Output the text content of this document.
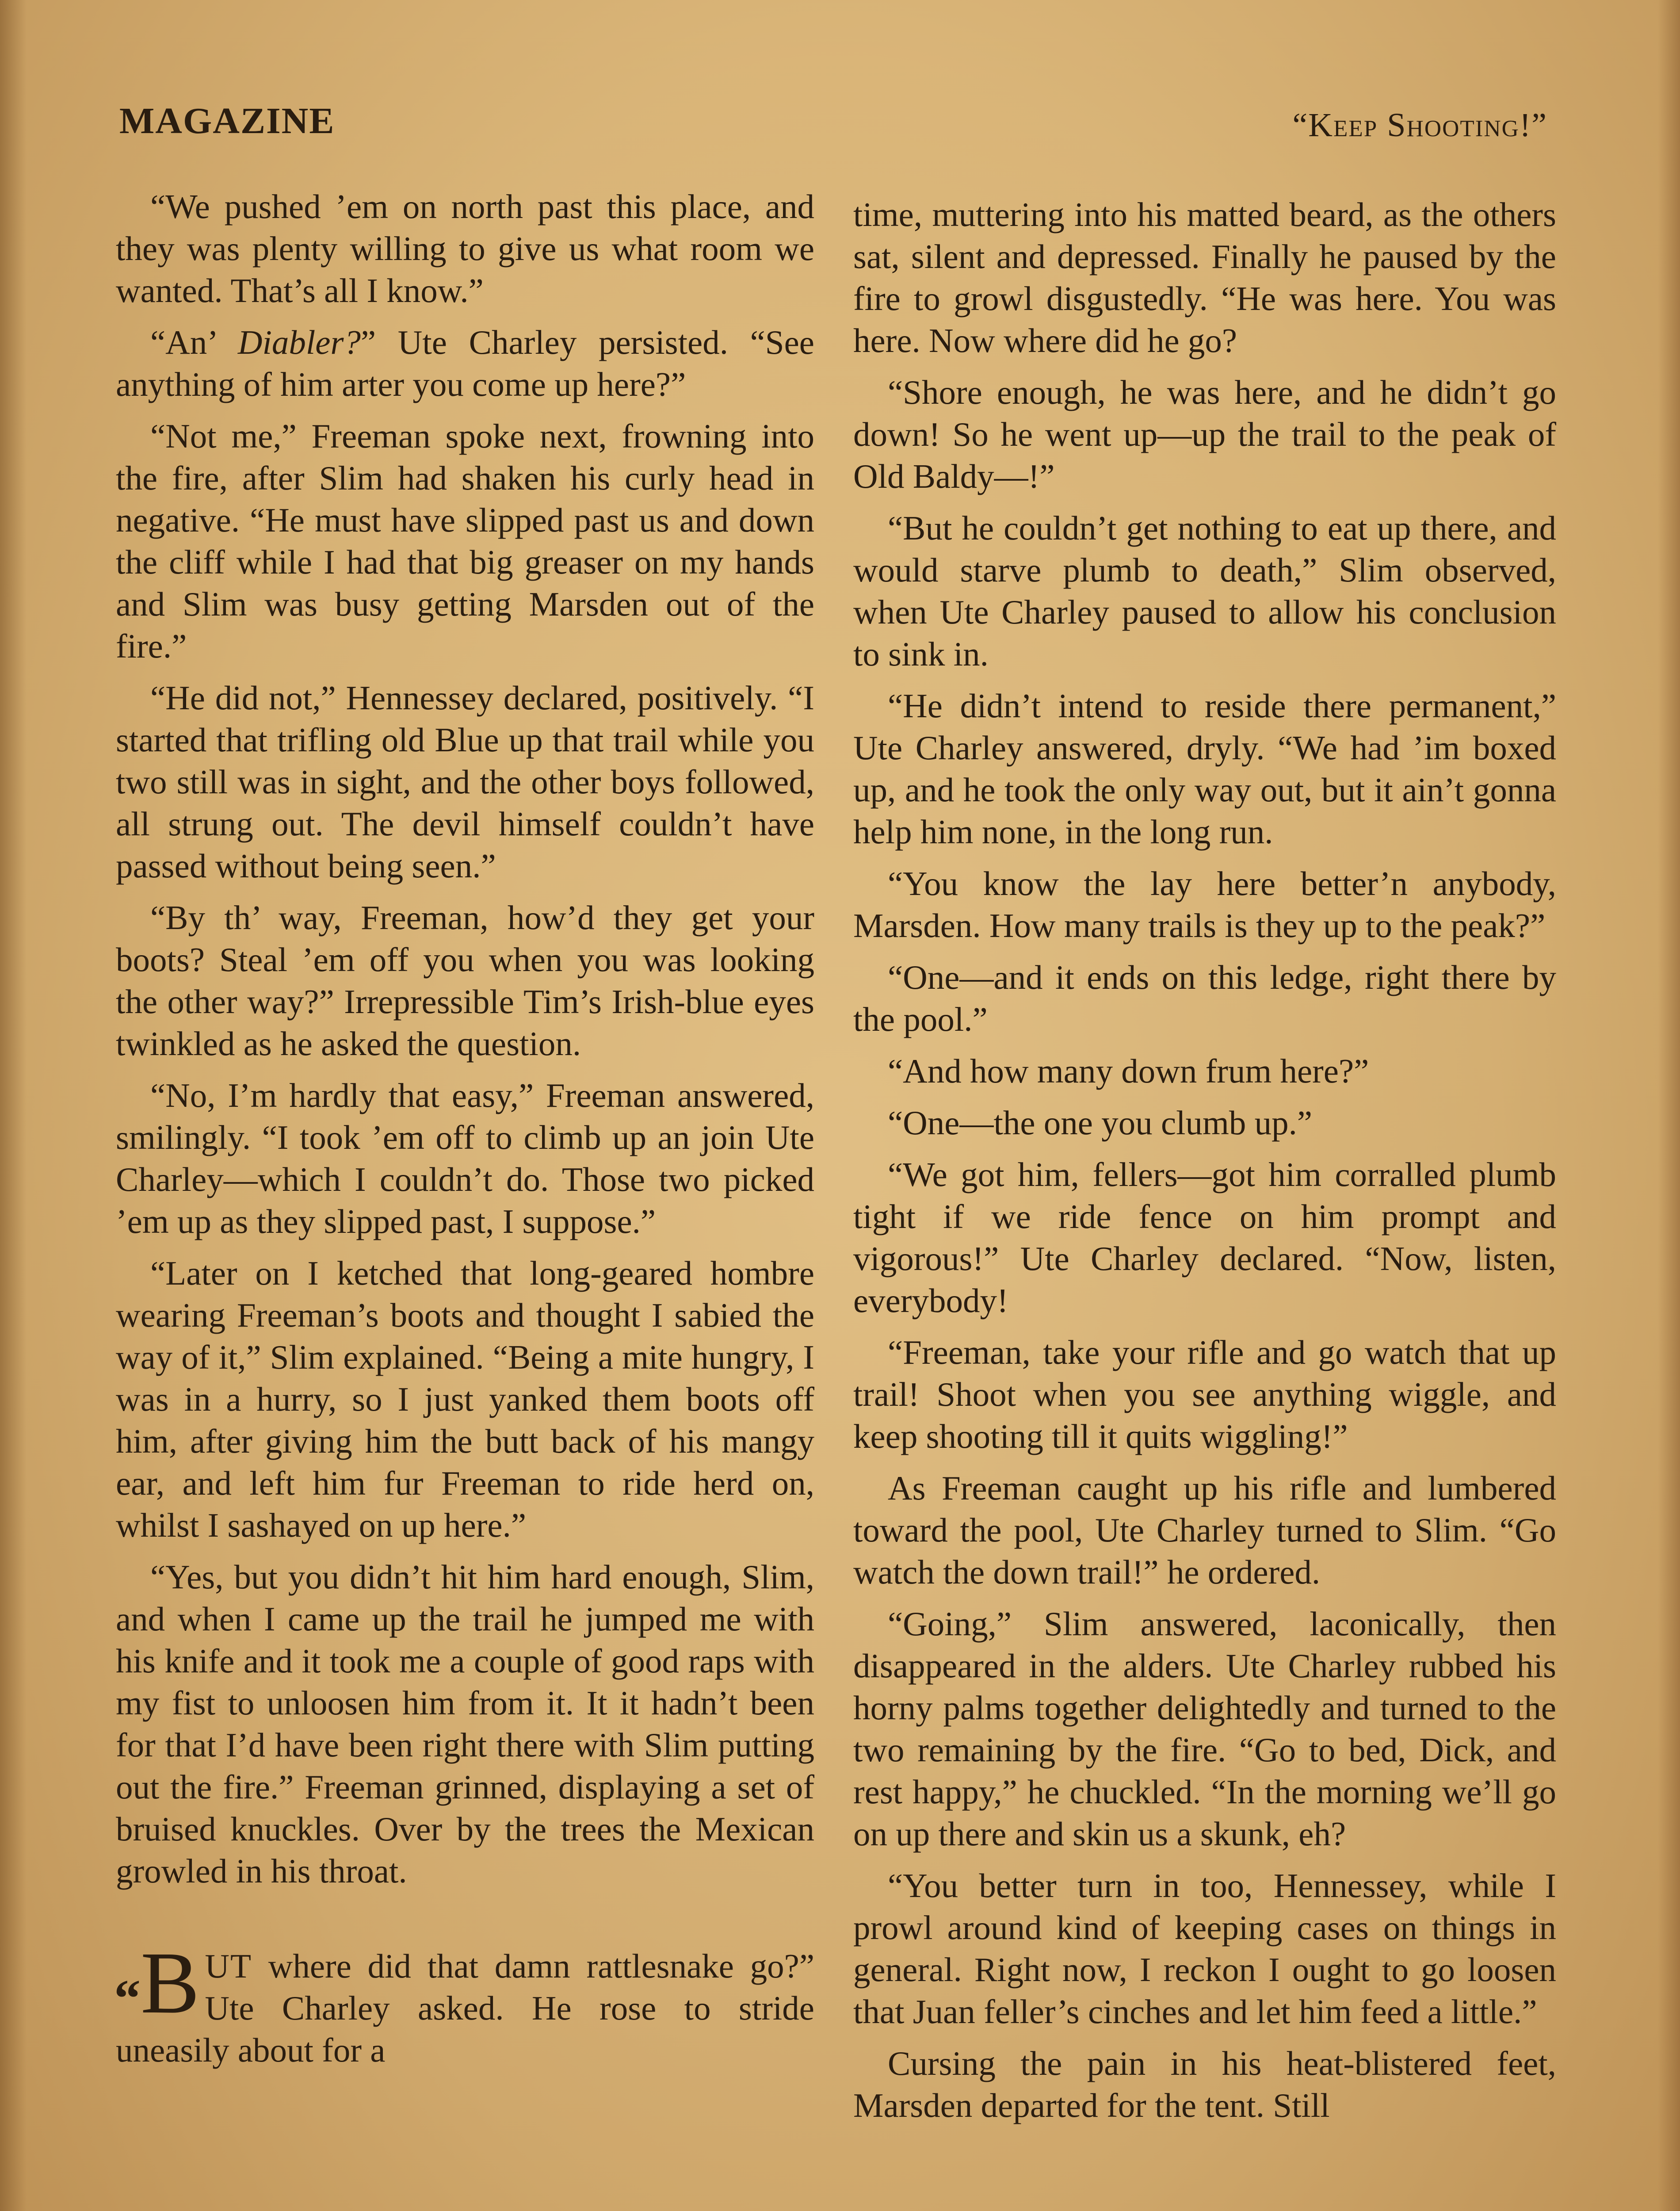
MAGAZINE	“Keep Shooting!”

“We pushed ’em on north past this place, and they was plenty willing to give us what room we wanted. That’s all I know.”

“An’ Diabler?” Ute Charley persisted. “See anything of him arter you come up here?”

“Not me,” Freeman spoke next, frowning into the fire, after Slim had shaken his curly head in negative. “He must have slipped past us and down the cliff while I had that big greaser on my hands and Slim was busy getting Marsden out of the fire.”

“He did not,” Hennessey declared, positively. “I started that trifling old Blue up that trail while you two still was in sight, and the other boys followed, all strung out. The devil himself couldn’t have passed without being seen.”

“By th’ way, Freeman, how’d they get your boots? Steal ’em off you when you was looking the other way?” Irrepressible Tim’s Irish-blue eyes twinkled as he asked the question.

“No, I’m hardly that easy,” Freeman answered, smilingly. “I took ’em off to climb up an join Ute Charley—which I couldn’t do. Those two picked ’em up as they slipped past, I suppose.”

“Later on I ketched that long-geared hombre wearing Freeman’s boots and thought I sabied the way of it,” Slim explained. “Being a mite hungry, I was in a hurry, so I just yanked them boots off him, after giving him the butt back of his mangy ear, and left him fur Freeman to ride herd on, whilst I sashayed on up here.”

“Yes, but you didn’t hit him hard enough, Slim, and when I came up the trail he jumped me with his knife and it took me a couple of good raps with my fist to unloosen him from it. It it hadn’t been for that I’d have been right there with Slim putting out the fire.” Freeman grinned, displaying a set of bruised knuckles. Over by the trees the Mexican growled in his throat.

“B UT where did that damn rattlesnake go?” Ute Charley asked. He rose to stride uneasily about for a

time, muttering into his matted beard, as the others sat, silent and depressed. Finally he paused by the fire to growl disgustedly. “He was here. You was here. Now where did he go?

“Shore enough, he was here, and he didn’t go down! So he went up—up the trail to the peak of Old Baldy—!”

“But he couldn’t get nothing to eat up there, and would starve plumb to death,” Slim observed, when Ute Charley paused to allow his conclusion to sink in.

“He didn’t intend to reside there permanent,” Ute Charley answered, dryly. “We had ’im boxed up, and he took the only way out, but it ain’t gonna help him none, in the long run.

“You know the lay here better’n anybody, Marsden. How many trails is they up to the peak?”

“One—and it ends on this ledge, right there by the pool.”

“And how many down frum here?”

“One—the one you clumb up.”

“We got him, fellers—got him corralled plumb tight if we ride fence on him prompt and vigorous!” Ute Charley declared. “Now, listen, everybody!

“Freeman, take your rifle and go watch that up trail! Shoot when you see anything wiggle, and keep shooting till it quits wiggling!”

As Freeman caught up his rifle and lumbered toward the pool, Ute Charley turned to Slim. “Go watch the down trail!” he ordered.

“Going,” Slim answered, laconically, then disappeared in the alders. Ute Charley rubbed his horny palms together delightedly and turned to the two remaining by the fire. “Go to bed, Dick, and rest happy,” he chuckled. “In the morning we’ll go on up there and skin us a skunk, eh?

“You better turn in too, Hennessey, while I prowl around kind of keeping cases on things in general. Right now, I reckon I ought to go loosen that Juan feller’s cinches and let him feed a little.”

Cursing the pain in his heat-blistered feet, Marsden departed for the tent. Still
